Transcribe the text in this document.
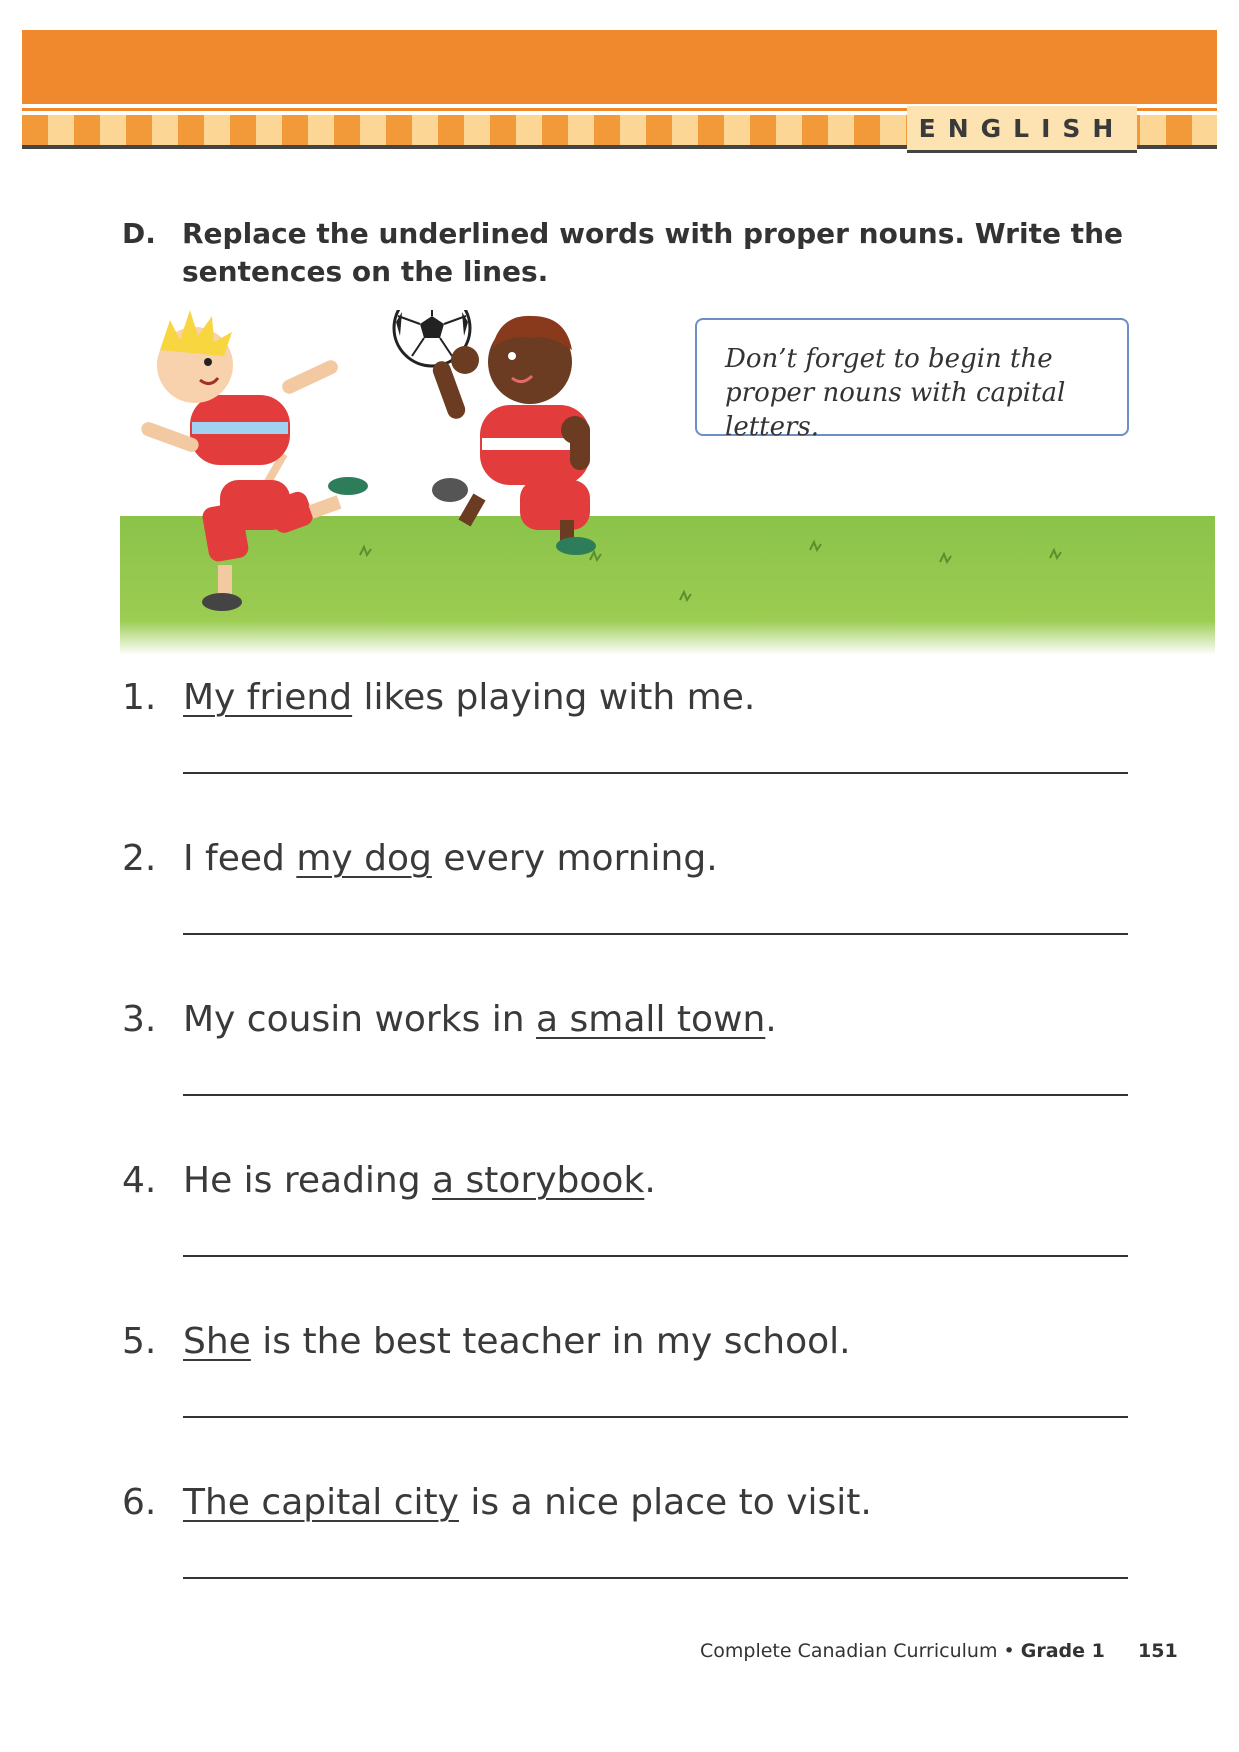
ENGLISH
D. Replace the underlined words with proper nouns. Write the sentences on the lines.
Don’t forget to begin the proper nouns with capital letters.
1. My friend likes playing with me.
2. I feed my dog every morning.
3. My cousin works in a small town.
4. He is reading a storybook.
5. She is the best teacher in my school.
6. The capital city is a nice place to visit.
Complete Canadian Curriculum • Grade 1 151
